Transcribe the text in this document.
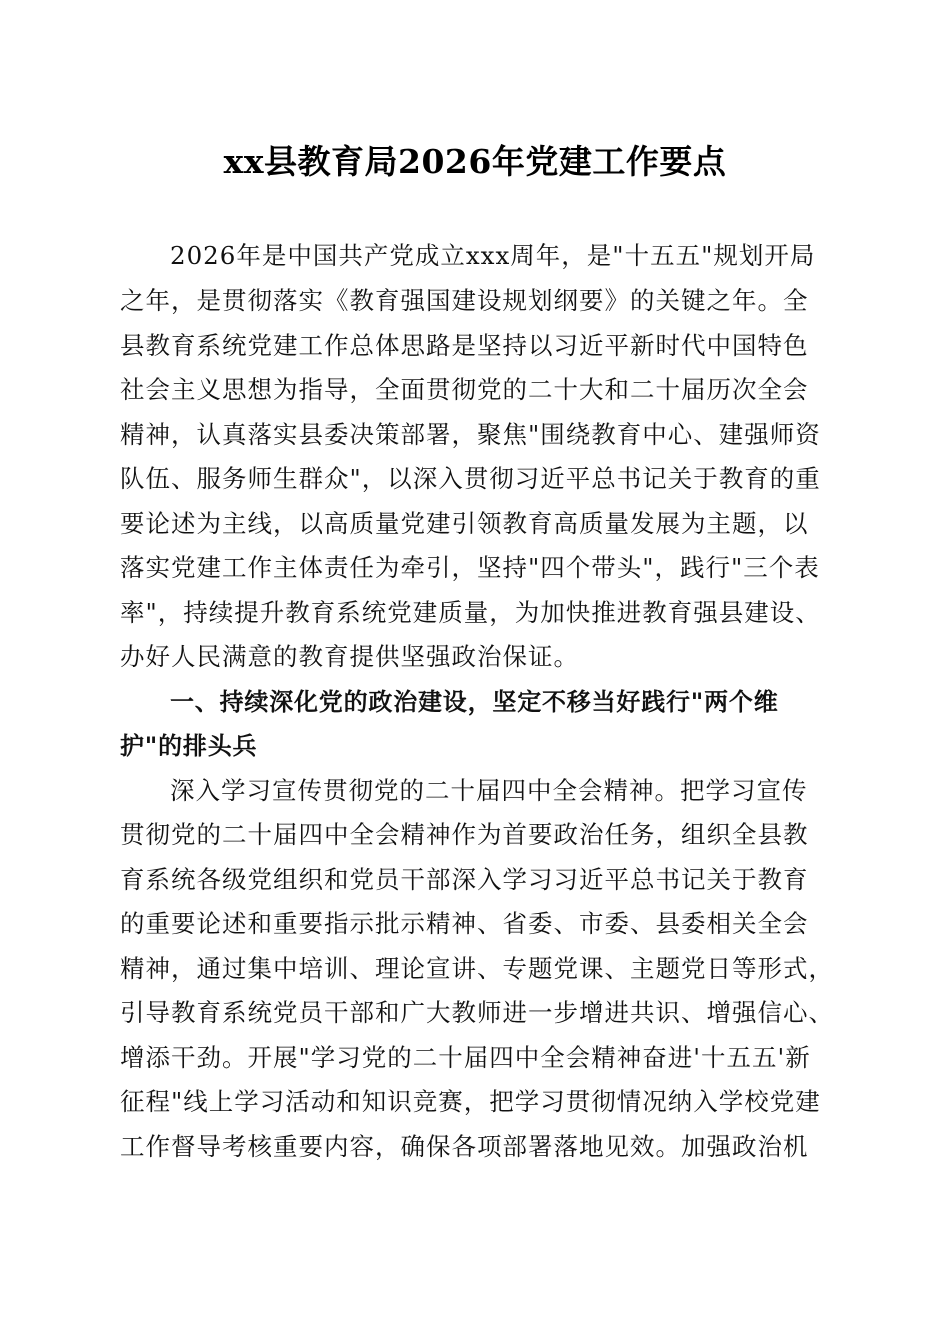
xx县教育局2026年党建工作要点
2026年是中国共产党成立xxx周年，是"十五五"规划开局
之年，是贯彻落实《教育强国建设规划纲要》的关键之年。全
县教育系统党建工作总体思路是坚持以习近平新时代中国特色
社会主义思想为指导，全面贯彻党的二十大和二十届历次全会
精神，认真落实县委决策部署，聚焦"围绕教育中心、建强师资
队伍、服务师生群众"，以深入贯彻习近平总书记关于教育的重
要论述为主线，以高质量党建引领教育高质量发展为主题，以
落实党建工作主体责任为牵引，坚持"四个带头"，践行"三个表
率"，持续提升教育系统党建质量，为加快推进教育强县建设、
办好人民满意的教育提供坚强政治保证。
一、持续深化党的政治建设，坚定不移当好践行"两个维
护"的排头兵
深入学习宣传贯彻党的二十届四中全会精神。把学习宣传
贯彻党的二十届四中全会精神作为首要政治任务，组织全县教
育系统各级党组织和党员干部深入学习习近平总书记关于教育
的重要论述和重要指示批示精神、省委、市委、县委相关全会
精神，通过集中培训、理论宣讲、专题党课、主题党日等形式，
引导教育系统党员干部和广大教师进一步增进共识、增强信心、
增添干劲。开展"学习党的二十届四中全会精神奋进'十五五'新
征程"线上学习活动和知识竞赛，把学习贯彻情况纳入学校党建
工作督导考核重要内容，确保各项部署落地见效。加强政治机
